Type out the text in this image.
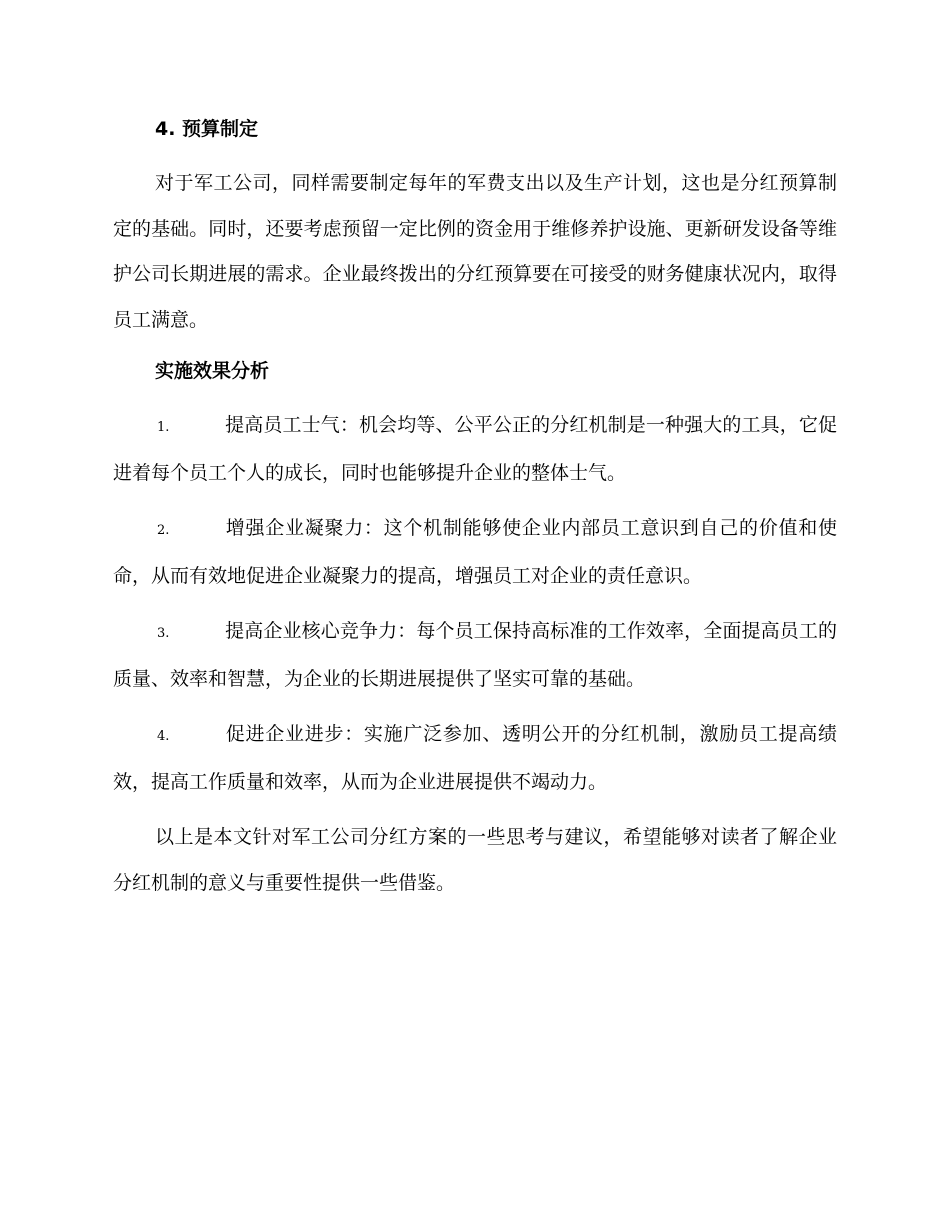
4. 预算制定

对于军工公司，同样需要制定每年的军费支出以及生产计划，这也是分红预算制定的基础。同时，还要考虑预留一定比例的资金用于维修养护设施、更新研发设备等维护公司长期进展的需求。企业最终拨出的分红预算要在可接受的财务健康状况内，取得员工满意。

实施效果分析
1.	提高员工士气：机会均等、公平公正的分红机制是一种强大的工具，它促进着每个员工个人的成长，同时也能够提升企业的整体士气。
2.	增强企业凝聚力：这个机制能够使企业内部员工意识到自己的价值和使命，从而有效地促进企业凝聚力的提高，增强员工对企业的责任意识。
3.	提高企业核心竞争力：每个员工保持高标准的工作效率，全面提高员工的质量、效率和智慧，为企业的长期进展提供了坚实可靠的基础。
4.	促进企业进步：实施广泛参加、透明公开的分红机制，激励员工提高绩效，提高工作质量和效率，从而为企业进展提供不竭动力。

以上是本文针对军工公司分红方案的一些思考与建议，希望能够对读者了解企业分红机制的意义与重要性提供一些借鉴。
